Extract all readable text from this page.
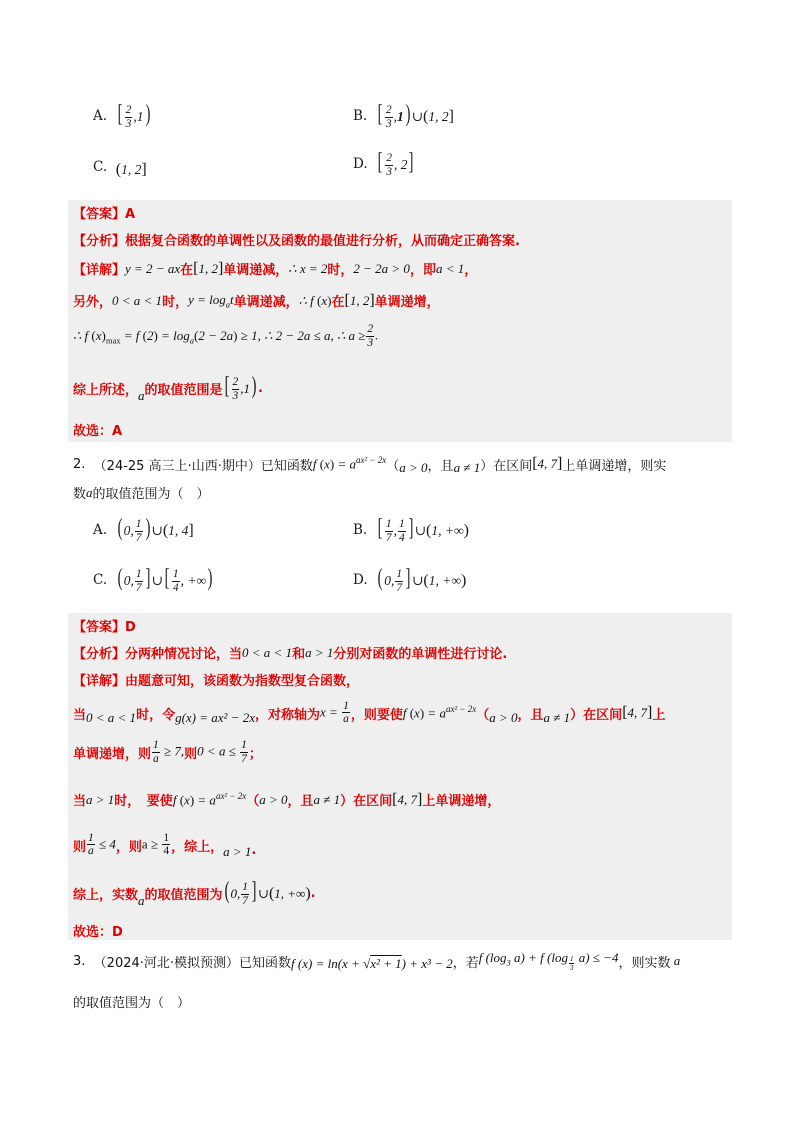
A.
[ $\frac{2}{3} ,1$)	B.
[ $\frac{2}{3} ,1$) ∪(1, 2]
C.
(1, 2]	D.
[ $\frac{2}{3}$ , 2]
【答案】A
【分析】根据复合函数的单调性以及函数的最值进行分析，从而确定正确答案.
【详解】 y = 2 − ax 在 [1, 2] 单调递减， ∴ x = 2 时， 2 − 2a > 0 ，即 a < 1 ，
另外， 0 < a < 1 时， $y = \log_at$ 单调递减， ∴ f (x) 在 [1, 2] 单调递增，
∴ f $(x)_{max} = f$ $(2) = \log_a(2 - 2a) \ge 1$, ∴ 2 − 2a ≤ a, ∴ $a \ge \frac{2}{3}$ .
综上所述， a 的取值范围是 [ $\frac{2}{3} ,1$) .
故选：A
2.
（24-25 高三上·山西·期中）已知函数 f $(x) = a^{ax^2 - 2x}$ （ a > 0 ，且 a ≠ 1 ）在区间 [4, 7] 上单调递增，则实
数 a 的取值范围为（　）
A.
( 0, $\frac{1}{7}$ ) ∪(1, 4]	B.
[ $\frac{1}{7}$ , $\frac{1}{4}$ ] ∪(1, +∞)
C.
( 0, $\frac{1}{7}$ ] ∪[ $\frac{1}{4}$ , +∞)	D.
( 0, $\frac{1}{7}$ ] ∪(1, +∞)
【答案】D
【分析】分两种情况讨论，当 0 < a < 1 和 a > 1 分别对函数的单调性进行讨论.
【详解】由题意可知，该函数为指数型复合函数，
当 0 < a < 1 时，令 g(x) = ax² − 2x ，对称轴为 $x = \frac{1}{a}$ ，则要使 f $(x) = a^{ax^2 - 2x}$ （ a > 0 ，且 a ≠ 1 ）在区间 [4, 7] 上
单调递增，则 $\frac{1}{a} \ge 7$, 则 $0 < a \le \frac{1}{7}$ ；
当 a > 1 时，　要使 f $(x) = a^{ax^2 - 2x}$ （ a > 0 ，且 a ≠ 1 ）在区间 [4, 7] 上单调递增，
则 $\frac{1}{a} \le 4$ ，则 $a \ge \frac{1}{4}$ ，综上， a > 1 .
综上，实数 a 的取值范围为 ( 0, $\frac{1}{7}$ ] ∪(1, +∞) .
故选：D
3.
（2024·河北·模拟预测）已知函数 f (x) = ln(x + √x² + 1) + x³ − 2 ，若 f ($\log_3$ a) + f (log $_{\frac{1}{3}}$ a) ≤ −4 ，则实数 a
的取值范围为（　）
